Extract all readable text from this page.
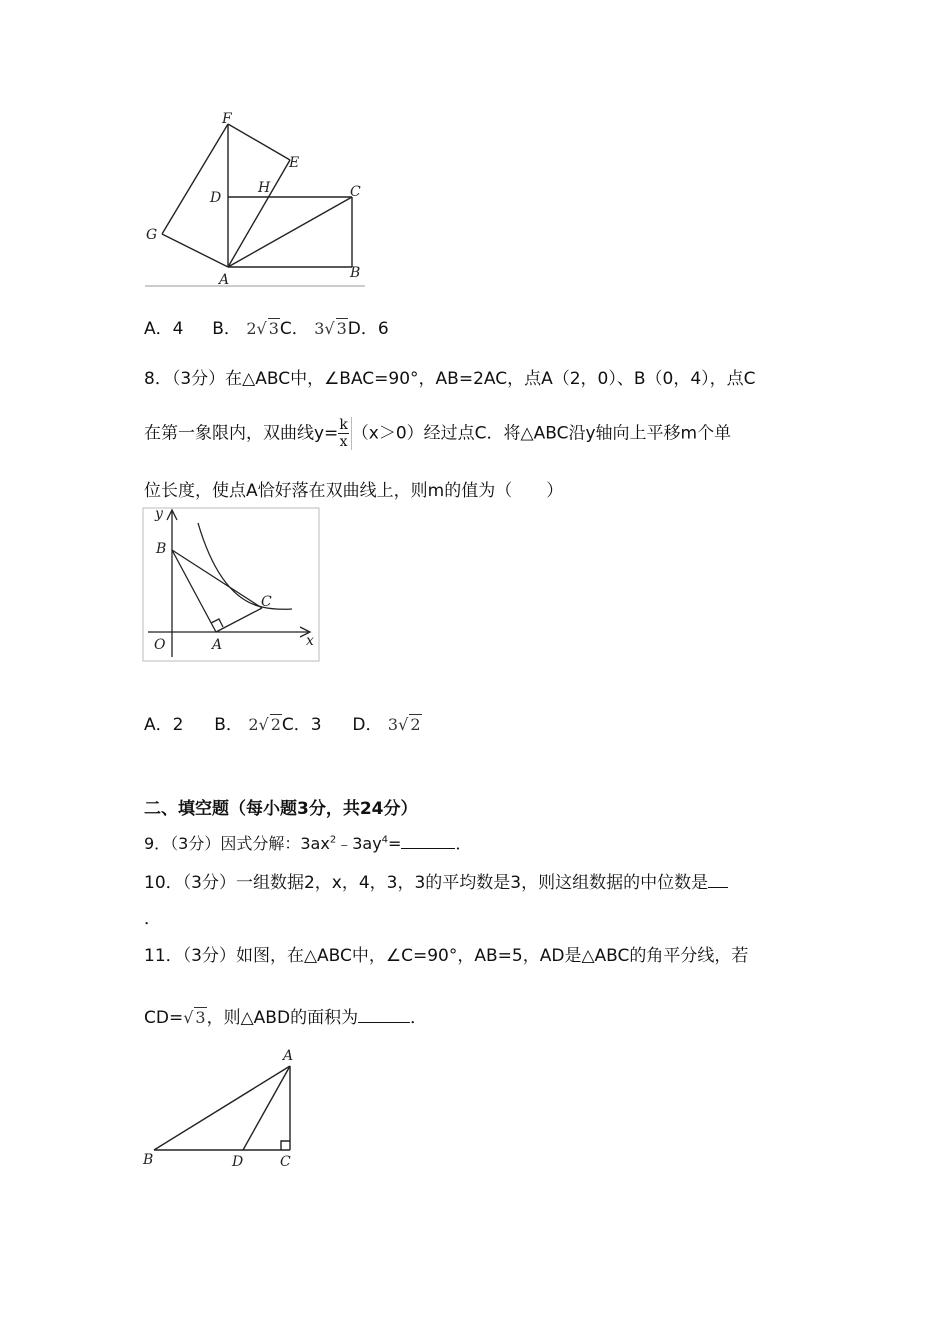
F
E
D
H	C
G
A	B
A．4 B． 2√ 3C． 3√ 3D．6
8．（3分）在△ABC中，∠BAC=90°，AB=2AC，点A（2，0）、B（0，4），点C
在第一象限内，双曲线$y= \frac{k}{x} (x>0)$经过点C．将△ABC沿y轴向上平移m个单
位长度，使点A恰好落在双曲线上，则m的值为（　　）
y
B
C
O	A	x
A．2 B． 2√ 2C．3 D． 3√ 2
二、填空题（每小题3分，共24分）
9．（3分）因式分解：$3ax^2﹣3ay^4=$	．
10．（3分）一组数据2，x，4，3，3的平均数是3，则这组数据的中位数是
．
11．（3分）如图，在△ABC中，∠C=90°，AB=5，AD是△ABC的角平分线，若
CD=√ 3，则△ABD的面积为	．
A
B	D	C
